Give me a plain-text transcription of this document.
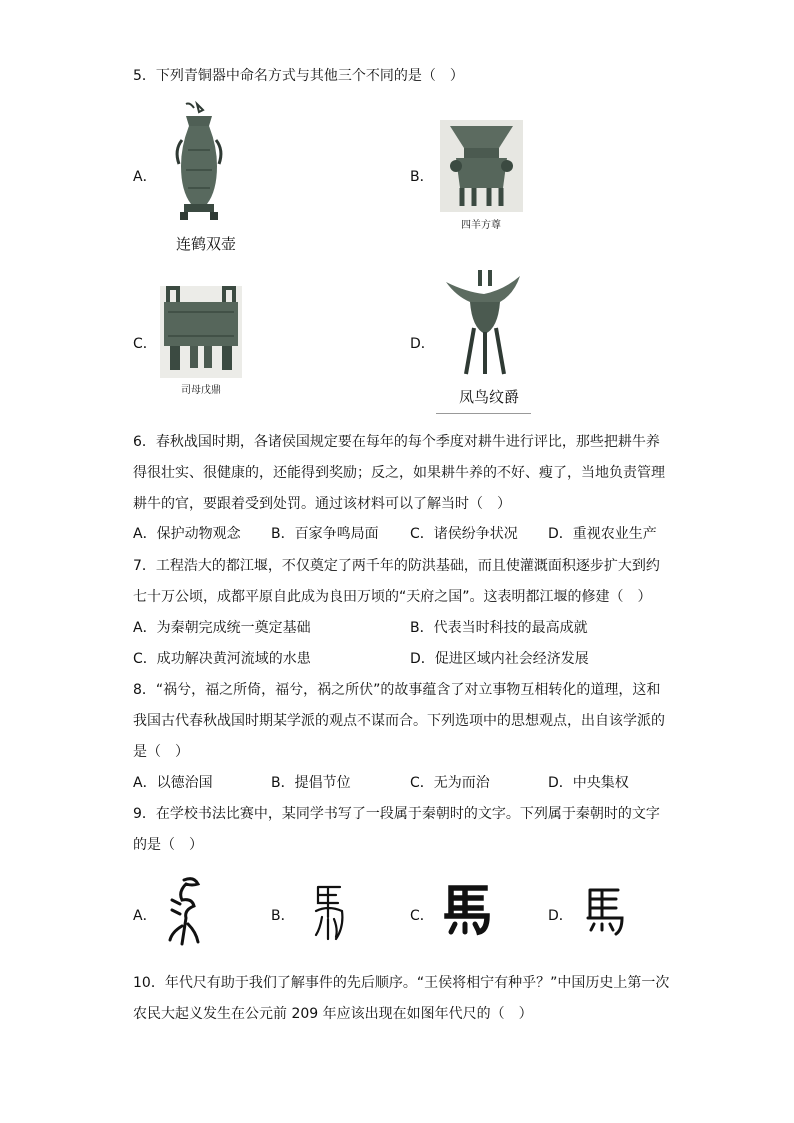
5．下列青铜器中命名方式与其他三个不同的是（　）
A．
连鹤双壶
B．
四羊方尊
C．
司母戊鼎
D．
凤鸟纹爵
6．春秋战国时期，各诸侯国规定要在每年的每个季度对耕牛进行评比，那些把耕牛养
得很壮实、很健康的，还能得到奖励；反之，如果耕牛养的不好、瘦了，当地负责管理
耕牛的官，要跟着受到处罚。通过该材料可以了解当时（　）
A．保护动物观念 B．百家争鸣局面 C．诸侯纷争状况 D．重视农业生产
7．工程浩大的都江堰，不仅奠定了两千年的防洪基础，而且使灌溉面积逐步扩大到约
七十万公顷，成都平原自此成为良田万顷的“天府之国”。这表明都江堰的修建（　）
A．为秦朝完成统一奠定基础	B．代表当时科技的最高成就
C．成功解决黄河流域的水患	D．促进区域内社会经济发展
8．“祸兮，福之所倚，福兮，祸之所伏”的故事蕴含了对立事物互相转化的道理，这和
我国古代春秋战国时期某学派的观点不谋而合。下列选项中的思想观点，出自该学派的
是（　）
A．以德治国	B．提倡节位	C．无为而治	D．中央集权
9．在学校书法比赛中，某同学书写了一段属于秦朝时的文字。下列属于秦朝时的文字
的是（　）
A．	B．	C．	D．
10．年代尺有助于我们了解事件的先后顺序。“王侯将相宁有种乎？”中国历史上第一次
农民大起义发生在公元前 209 年应该出现在如图年代尺的（　）
